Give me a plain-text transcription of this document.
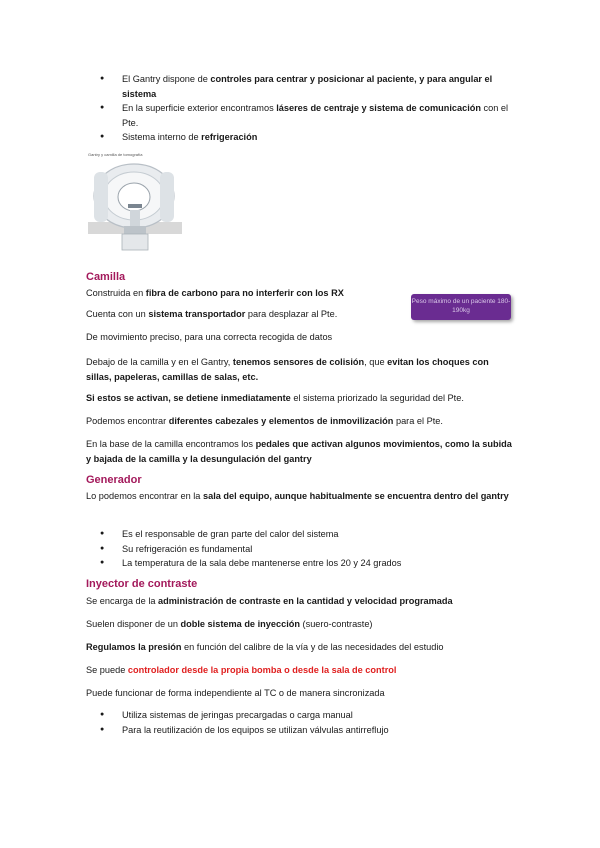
● El Gantry dispone de controles para centrar y posicionar al paciente, y para angular el sistema
● En la superficie exterior encontramos láseres de centraje y sistema de comunicación con el Pte.
● Sistema interno de refrigeración
Gantry y camilla de tomografía
Camilla
Peso máximo de un paciente 180-190kg
Construida en fibra de carbono para no interferir con los RX
Cuenta con un sistema transportador para desplazar al Pte.
De movimiento preciso, para una correcta recogida de datos
Debajo de la camilla y en el Gantry, tenemos sensores de colisión, que evitan los choques con sillas, papeleras, camillas de salas, etc.
Si estos se activan, se detiene inmediatamente el sistema priorizado la seguridad del Pte.
Podemos encontrar diferentes cabezales y elementos de inmovilización para el Pte.
En la base de la camilla encontramos los pedales que activan algunos movimientos, como la subida y bajada de la camilla y la desungulación del gantry
Generador
Lo podemos encontrar en la sala del equipo, aunque habitualmente se encuentra dentro del gantry
● Es el responsable de gran parte del calor del sistema
● Su refrigeración es fundamental
● La temperatura de la sala debe mantenerse entre los 20 y 24 grados
Inyector de contraste
Se encarga de la administración de contraste en la cantidad y velocidad programada
Suelen disponer de un doble sistema de inyección (suero-contraste)
Regulamos la presión en función del calibre de la vía y de las necesidades del estudio
Se puede controlador desde la propia bomba o desde la sala de control
Puede funcionar de forma independiente al TC o de manera sincronizada
● Utiliza sistemas de jeringas precargadas o carga manual
● Para la reutilización de los equipos se utilizan válvulas antirreflujo
